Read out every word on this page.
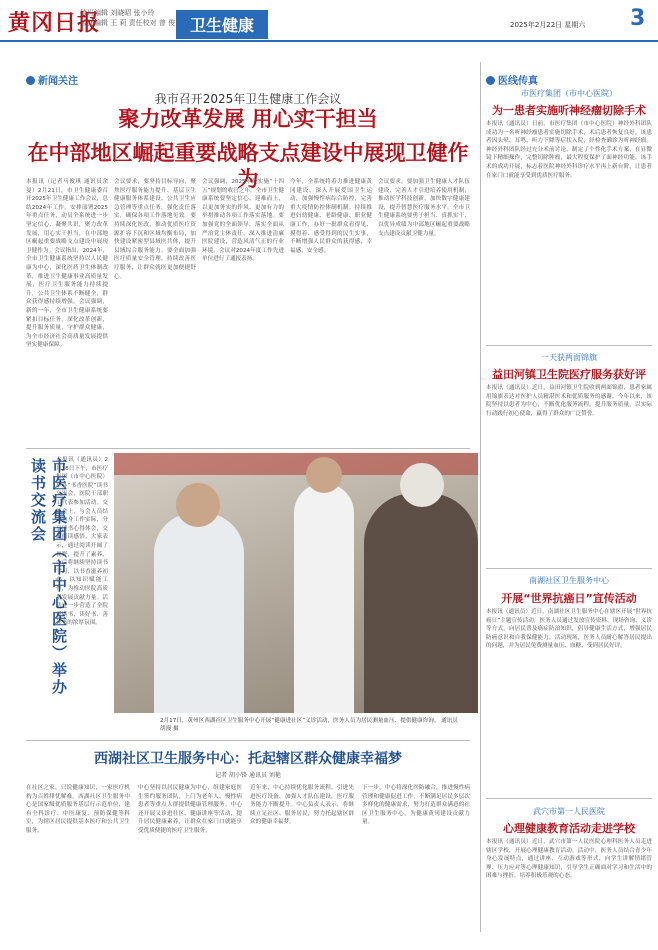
黄冈日报
值班编辑 刘晓昭 张小玲
版面编辑 王 莉 责任校对 曾 俊 卫生健康	2025年2月22日 星期六 3
新闻关注
我市召开2025年卫生健康工作会议
聚力改革发展 用心实干担当
在中部地区崛起重要战略支点建设中展现卫健作为
本报讯（记者马俊琪 通讯员余曼）2月21日，市卫生健康委召开2025年卫生健康工作会议，总结2024年工作，安排部署2025年重点任务，动员全系统进一步坚定信心、凝聚共识，聚力改革发展，用心实干担当，在中部地区崛起重要战略支点建设中展现卫健作为。会议指出，2024年，全市卫生健康系统坚持以人民健康为中心，深化医药卫生体制改革，推进卫生健康事业高质量发展，医疗卫生服务能力持续提升，公共卫生体系不断健全，群众获得感持续增强。会议强调，新的一年，全市卫生健康系统要紧扣目标任务，深化改革创新，提升服务质量，守护群众健康，为全市经济社会高质量发展提供坚实健康保障。
会议要求，要坚持目标导向，聚焦医疗服务能力提升、基层卫生健康服务体系建设、公共卫生应急管理等重点任务，强化责任落实，确保各项工作落地见效。要持续深化医改，推动优质医疗资源扩容下沉和区域均衡布局，加快建设紧密型县域医共体，提升县域综合服务能力。要全面加强医疗质量安全管理，持续改善医疗服务，让群众就医更加便捷舒心。
会议强调，2025年是实施“十四五”规划的收官之年，全市卫生健康系统要坚定信心、迎难而上，以更加务实的作风、更加有力的举措推动各项工作落实落地。要加强党的全面领导，落实全面从严治党主体责任，深入推进清廉医院建设，营造风清气正的行业环境。会议对2024年度工作先进单位进行了通报表扬。
今年，全系统将着力推进健康黄冈建设，深入开展爱国卫生运动，加强慢性病综合防控，完善重大疫情防控体制机制。持续推进妇幼健康、老龄健康、职业健康工作，办好一批群众看得见、摸得着、感受得到的民生实事，不断增强人民群众的获得感、幸福感、安全感。
会议要求，要加强卫生健康人才队伍建设，完善人才引进培养使用机制，推动医学科技创新，加快数字健康建设，提升智慧医疗服务水平。全市卫生健康系统要勇于担当、真抓实干，以优异成绩为中部地区崛起重要战略支点建设贡献卫健力量。
医线传真
市医疗集团（市中心医院）
为一患者实施听神经瘤切除手术
本报讯（通讯员）日前，市医疗集团（市中心医院）神经外科团队成功为一名听神经瘤患者实施切除手术，术后患者恢复良好。该患者因头晕、耳鸣、听力下降等症状入院，经检查确诊为听神经瘤。神经外科团队经过充分术前讨论，制定了个性化手术方案，在显微镜下精细操作，完整切除肿瘤，最大程度保护了面神经功能。该手术的成功开展，标志着医院神经外科诊疗水平再上新台阶，让患者在家门口就能享受到优质医疗服务。
一天获两面锦旗
益田河镇卫生院医疗服务获好评
本报讯（通讯员）近日，益田河镇卫生院收到两面锦旗，患者家属用锦旗表达对医护人员精湛医术和优质服务的感谢。今年以来，该院坚持以患者为中心，不断优化服务流程，提升服务质量，以实际行动践行初心使命，赢得了群众的广泛赞誉。
南湖社区卫生服务中心
开展“世界抗癌日”宣传活动
本报讯（通讯员）近日，南湖社区卫生服务中心在辖区开展“世界抗癌日”主题宣传活动，医务人员通过发放宣传资料、现场咨询、义诊等方式，向居民普及癌症防治知识，倡导健康生活方式，增强居民防癌意识和自我保健能力。活动现场，医务人员耐心解答居民提出的问题，并为居民免费测量血压、血糖，受到居民好评。
武穴市第一人民医院
心理健康教育活动走进学校
本报讯（通讯员）近日，武穴市第一人民医院心理科医务人员走进辖区学校，开展心理健康教育活动。活动中，医务人员结合青少年身心发展特点，通过讲座、互动游戏等形式，向学生讲解情绪管理、压力应对等心理健康知识，引导学生正确面对学习和生活中的困难与挫折，培养积极乐观的心态。
市医疗集团（市中心医院）举办读书交流会	本报讯（通讯员）2月18日下午，市医疗集团（市中心医院）举办“书香医院”读书交流会，医院干部职工代表参加活动。交流会上，与会人员结合自身工作实际，分享读书心得体会，交流阅读感悟。大家表示，通过阅读开阔了视野，提升了素养，今后将继续坚持读书学习，以书香滋养初心，以知识赋能工作，为推动医院高质量发展贡献力量。活动进一步营造了全院爱读书、读好书、善读书的浓厚氛围。
2月17日，黄州区西湖社区卫生服务中心开展“健康进社区”义诊活动，医务人员为居民测量血压、提供健康咨询。 通讯员 胡漫 摄
西湖社区卫生服务中心：托起辖区群众健康幸福梦
记者 胡小锋 通讯员 刘艳
在社区之家，只说健康知识，一家医疗机构为百姓排忧解难。西湖社区卫生服务中心是国家级优质服务基层行示范单位，建有全科诊疗、中医康复、预防保健等科室，为辖区居民提供基本医疗和公共卫生服务。
中心坚持以居民健康为中心，组建家庭医生签约服务团队，上门为老年人、慢性病患者等重点人群提供健康管理服务。中心还开展义诊进社区、健康讲座等活动，提升居民健康素养，让群众在家门口就能享受优质便捷的医疗卫生服务。
近年来，中心持续优化服务流程，引进先进医疗设备，加强人才队伍建设，医疗服务能力不断提升。中心负责人表示，将继续立足社区、服务居民，努力托起辖区群众的健康幸福梦。
下一步，中心将深化医防融合，推进慢性病管理和健康促进工作，不断满足居民多层次多样化的健康需求，努力打造群众满意的社区卫生服务中心，为健康黄冈建设贡献力量。
